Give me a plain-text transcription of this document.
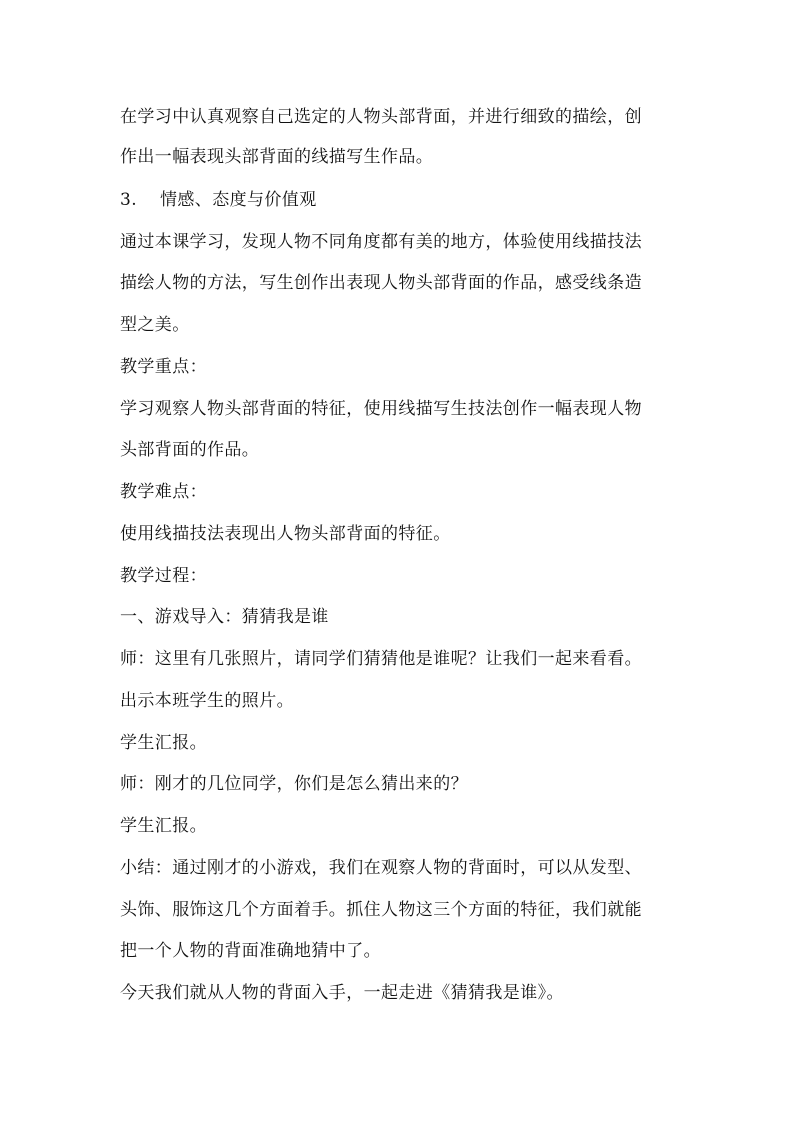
在学习中认真观察自己选定的人物头部背面，并进行细致的描绘，创
作出一幅表现头部背面的线描写生作品。
3. 情感、态度与价值观
通过本课学习，发现人物不同角度都有美的地方，体验使用线描技法
描绘人物的方法，写生创作出表现人物头部背面的作品，感受线条造
型之美。
教学重点：
学习观察人物头部背面的特征，使用线描写生技法创作一幅表现人物
头部背面的作品。
教学难点：
使用线描技法表现出人物头部背面的特征。
教学过程：
一、游戏导入：猜猜我是谁
师：这里有几张照片，请同学们猜猜他是谁呢？让我们一起来看看。
出示本班学生的照片。
学生汇报。
师：刚才的几位同学，你们是怎么猜出来的？
学生汇报。
小结：通过刚才的小游戏，我们在观察人物的背面时，可以从发型、
头饰、服饰这几个方面着手。抓住人物这三个方面的特征，我们就能
把一个人物的背面准确地猜中了。
今天我们就从人物的背面入手，一起走进《猜猜我是谁》。
